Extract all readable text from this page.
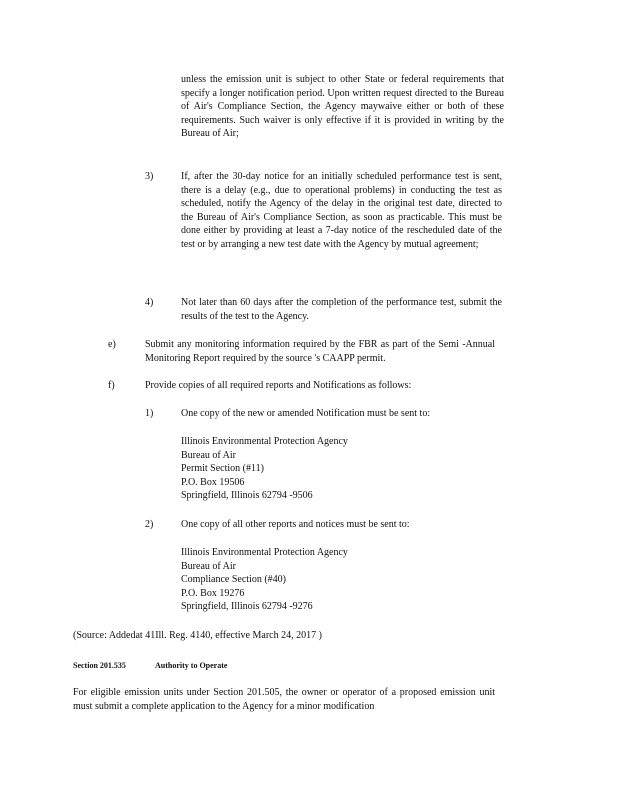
unless the emission unit is subject to other State or federal requirements that specify a longer notification period. Upon written request directed to the Bureau of Air's Compliance Section, the Agency maywaive either or both of these requirements. Such waiver is only effective if it is provided in writing by the Bureau of Air;

3)	If, after the 30-day notice for an initially scheduled performance test is sent, there is a delay (e.g., due to operational problems) in conducting the test as scheduled, notify the Agency of the delay in the original test date, directed to the Bureau of Air's Compliance Section, as soon as practicable. This must be done either by providing at least a 7-day notice of the rescheduled date of the test or by arranging a new test date with the Agency by mutual agreement;

4)	Not later than 60 days after the completion of the performance test, submit the results of the test to the Agency.

e)	Submit any monitoring information required by the FBR as part of the Semi -Annual Monitoring Report required by the source 's CAAPP permit.

f)	Provide copies of all required reports and Notifications as follows:

1)	One copy of the new or amended Notification must be sent to:

Illinois Environmental Protection Agency

Bureau of Air

Permit Section (#11)

P.O. Box 19506

Springfield, Illinois 62794 -9506

2)	One copy of all other reports and notices must be sent to:

Illinois Environmental Protection Agency

Bureau of Air

Compliance Section (#40)

P.O. Box 19276

Springfield, Illinois 62794 -9276

(Source: Addedat 41Ill. Reg. 4140, effective March 24, 2017 )

Section 201.535	Authority to Operate

For eligible emission units under Section 201.505, the owner or operator of a proposed emission unit must submit a complete application to the Agency for a minor modification
